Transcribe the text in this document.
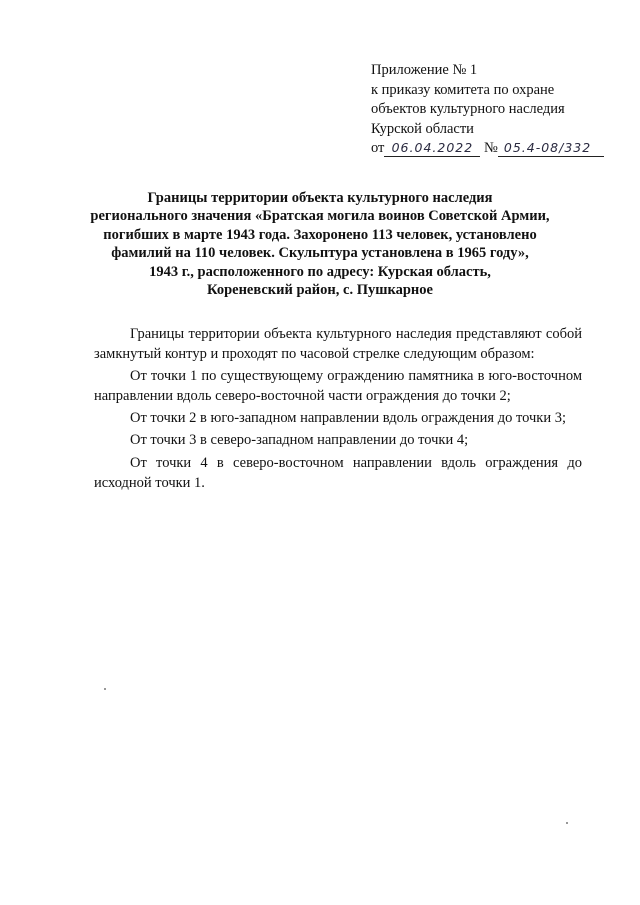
Приложение № 1
к приказу комитета по охране
объектов культурного наследия
Курской области
от 06.04.2022 № 05.4-08/332
Границы территории объекта культурного наследия
регионального значения «Братская могила воинов Советской Армии,
погибших в марте 1943 года. Захоронено 113 человек, установлено
фамилий на 110 человек. Скульптура установлена в 1965 году»,
1943 г., расположенного по адресу: Курская область,
Кореневский район, с. Пушкарное

Границы территории объекта культурного наследия представляют собой замкнутый контур и проходят по часовой стрелке следующим образом:

От точки 1 по существующему ограждению памятника в юго-восточном направлении вдоль северо-восточной части ограждения до точки 2;

От точки 2 в юго-западном направлении вдоль ограждения до точки 3;

От точки 3 в северо-западном направлении до точки 4;

От точки 4 в северо-восточном направлении вдоль ограждения до исходной точки 1.
